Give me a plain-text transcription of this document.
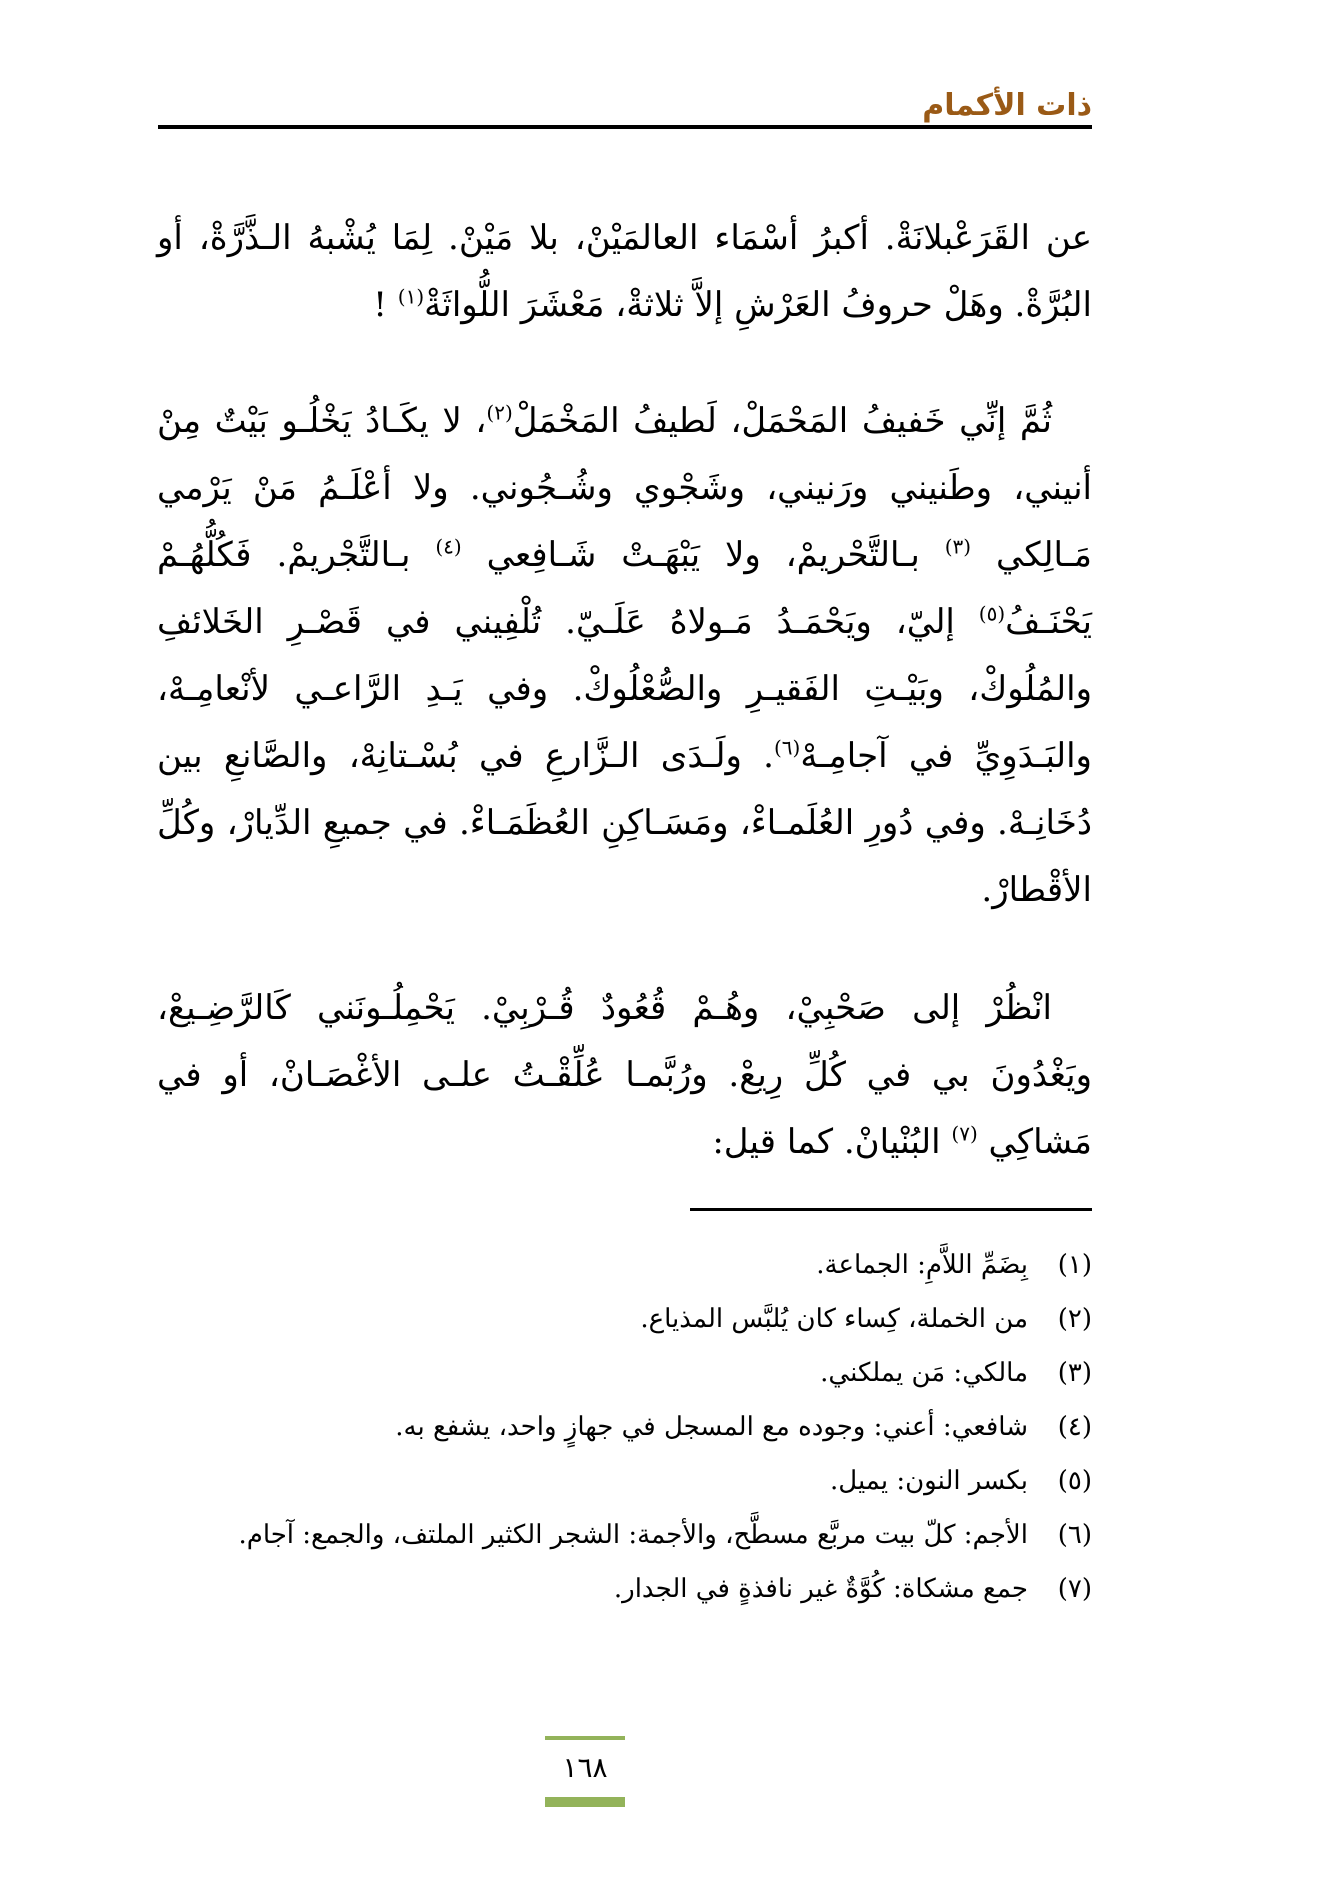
ذات الأكمام

عن القَرَعْبلانَةْ. أكبرُ أسْمَاء العالمَيْنْ، بلا مَيْنْ. لِمَا يُشْبهُ الـذَّرَّةْ، أو البُرَّةْ. وهَلْ حروفُ العَرْشِ إلاَّ ثلاثةْ، مَعْشَرَ اللُّواثَةْ$^{(١)}$ !

ثُمَّ إنِّي خَفيفُ المَحْمَلْ، لَطيفُ المَخْمَلْ$^{(٢)}$، لا يكَـادُ يَخْلُـو بَيْتٌ مِنْ أنيني، وطَنيني ورَنيني، وشَجْوي وشُـجُوني. ولا أعْلَـمُ مَنْ يَرْمي مَـالِكي $^{(٣)}$ بـالتَّحْريمْ، ولا يَبْهَـتْ شَـافِعي $^{(٤)}$ بـالتَّجْريمْ. فَكُلُّهُـمْ يَحْنَـفُ$^{(٥)}$ إليّ، ويَحْمَـدُ مَـولاهُ عَلَـيّ. تُلْفِيني في قَصْـرِ الخَلائفِ والمُلُوكْ، وبَيْـتِ الفَقيـرِ والصُّعْلُوكْ. وفي يَـدِ الرَّاعـي لأنْعامِـهْ، والبَـدَوِيِّ في آجامِـهْ$^{(٦)}$. ولَـدَى الـزَّارعِ في بُسْـتانِهْ، والصَّانعِ بين دُخَانِـهْ. وفي دُورِ العُلَمـاءْ، ومَسَـاكِنِ العُظَمَـاءْ. في جميعِ الدِّيارْ، وكُلِّ الأقْطارْ.

انْظُرْ إلى صَحْبِيْ، وهُـمْ قُعُودٌ قُـرْبِيْ. يَحْمِلُـونَني كَالرَّضِـيعْ، ويَغْدُونَ بي في كُلِّ رِيعْ. ورُبَّمـا عُلِّقْـتُ علـى الأغْصَـانْ، أو في مَشاكِي $^{(٧)}$ البُنْيانْ. كما قيل:

(١)
بِضَمِّ اللاَّمِ: الجماعة.
(٢)
من الخملة، كِساء كان يُلبَّس المذياع.
(٣)
مالكي: مَن يملكني.
(٤)
شافعي: أعني: وجوده مع المسجل في جهازٍ واحد، يشفع به.
(٥)
بكسر النون: يميل.
(٦)
الأجم: كلّ بيت مربَّع مسطَّح، والأجمة: الشجر الكثير الملتف، والجمع: آجام.
(٧)
جمع مشكاة: كُوَّةٌ غير نافذةٍ في الجدار.
١٦٨
